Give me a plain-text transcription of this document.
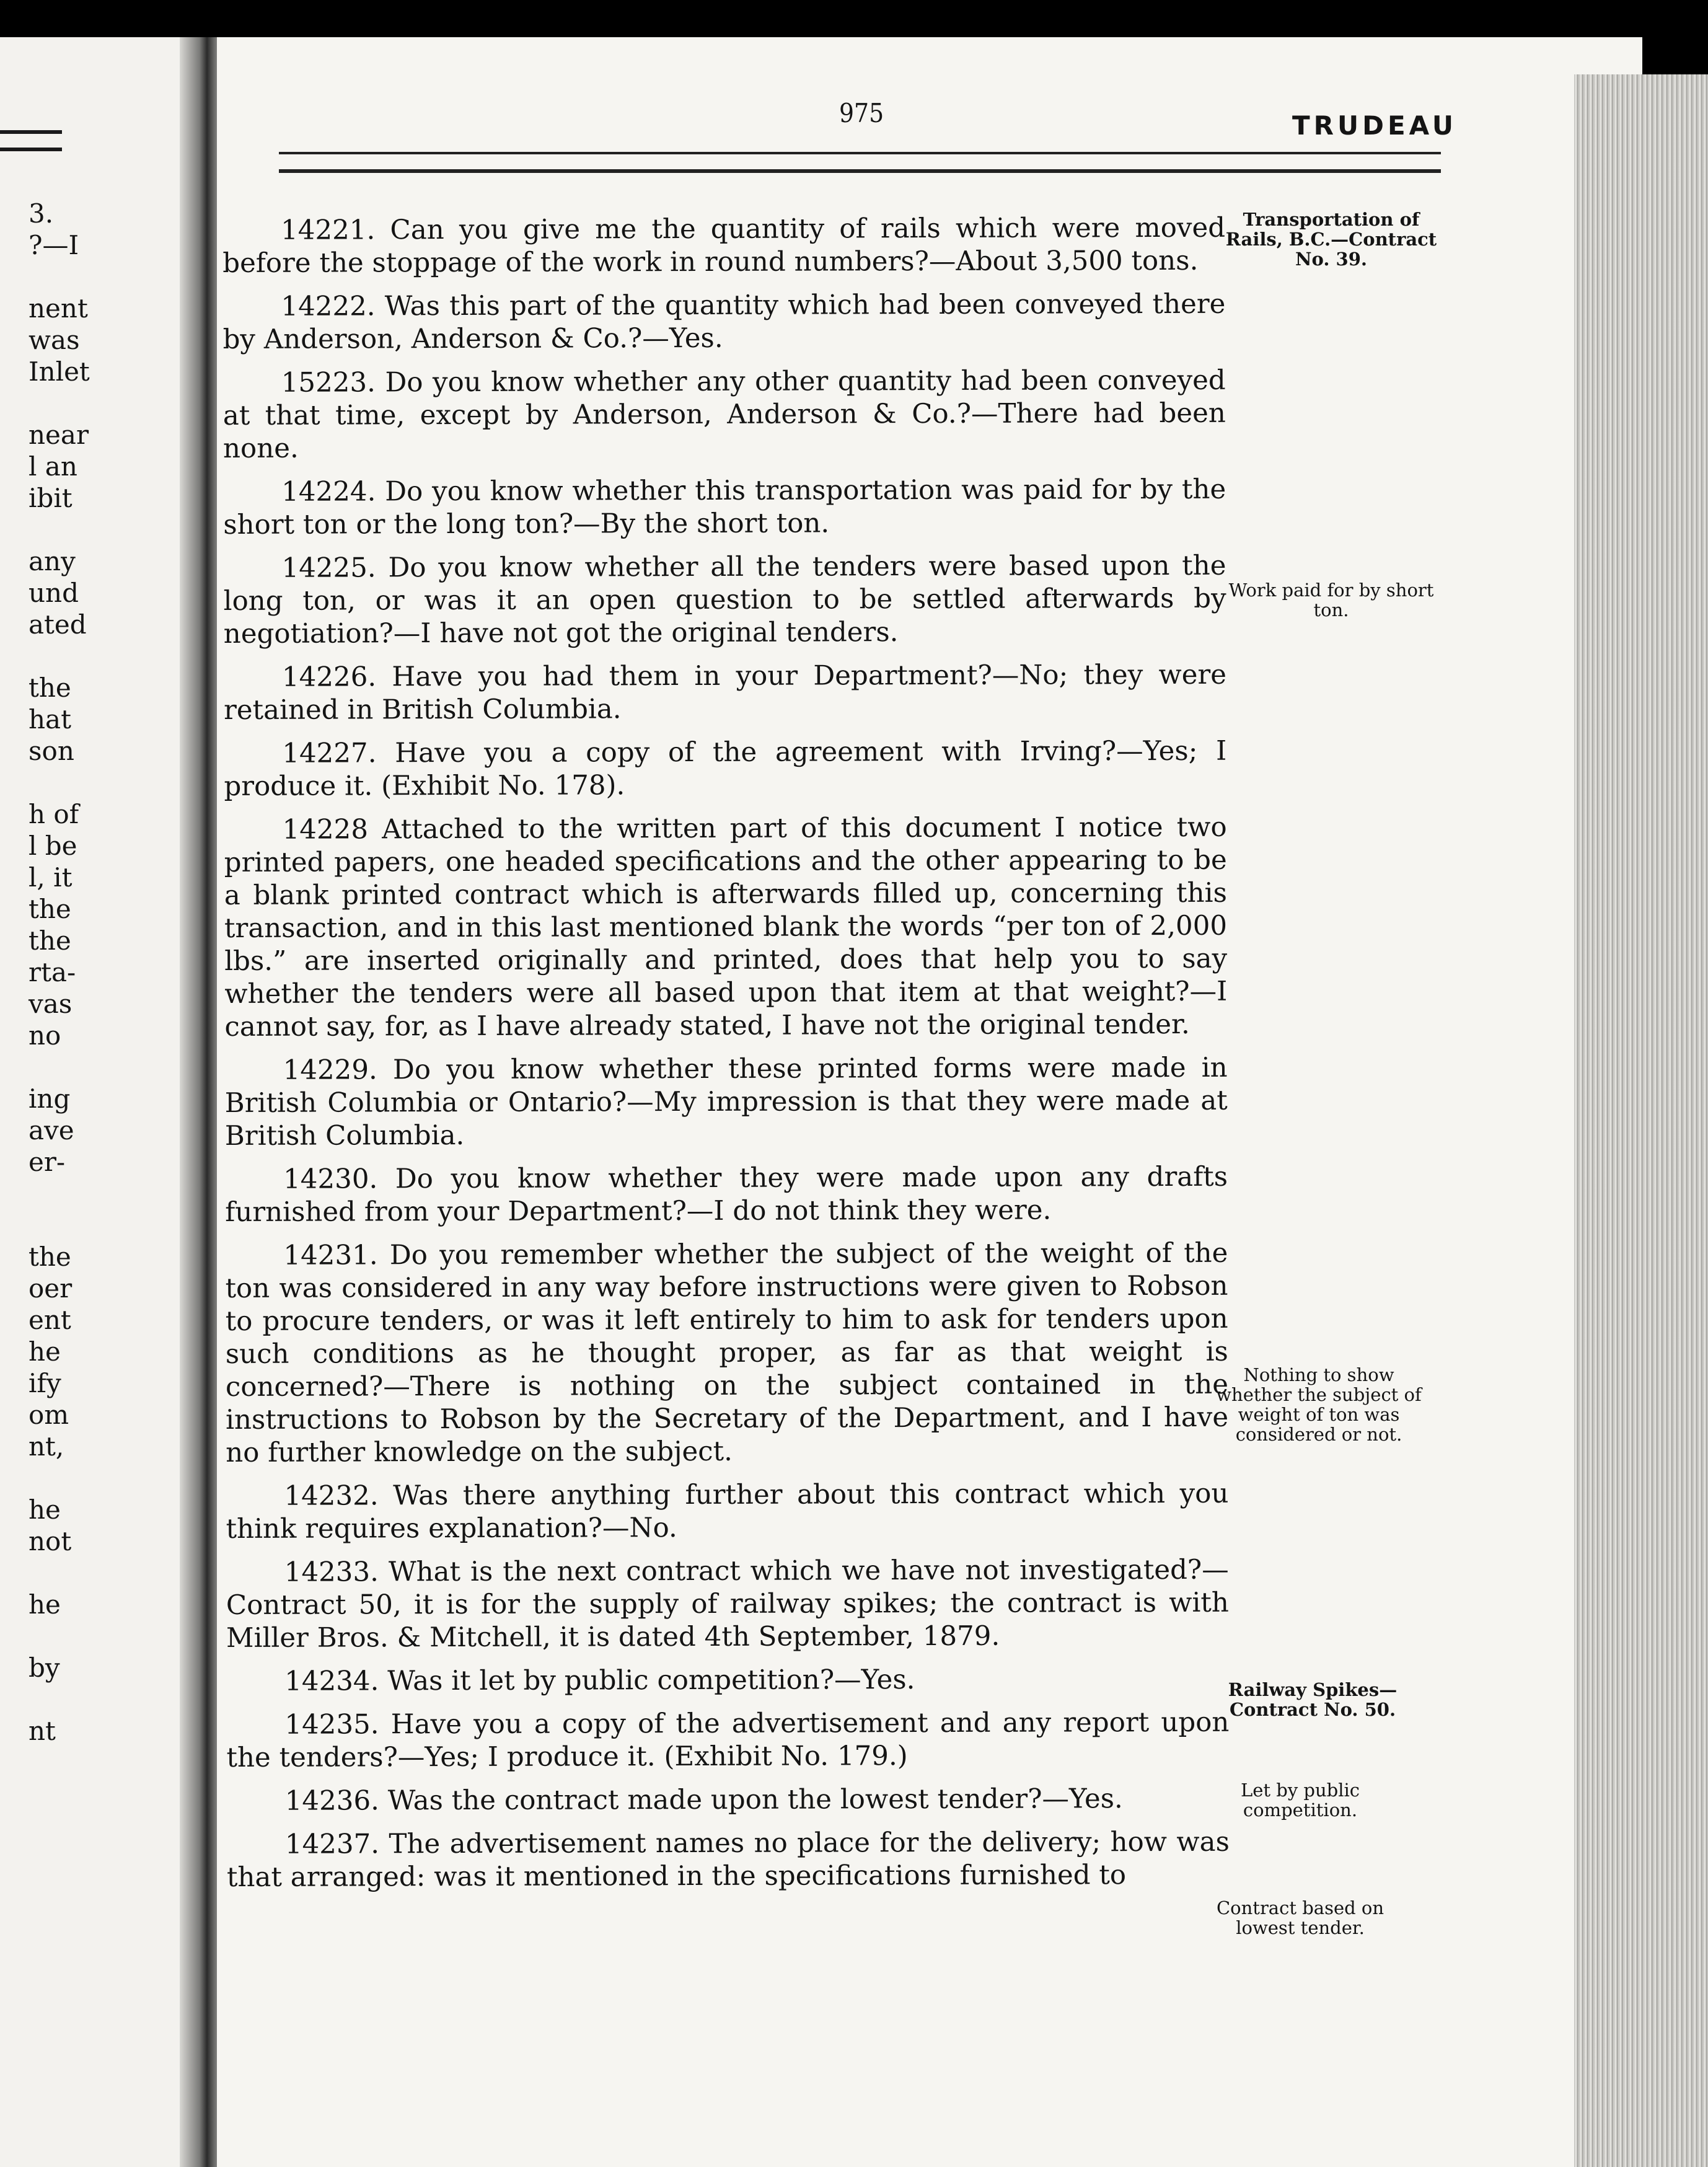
3.
?—I
nent
was
Inlet
near
l an
ibit
any
und
ated
the
hat
son
h of
l be
l, it
the
the
rta-
vas
no
ing
ave
er-
the
oer
ent
he
ify
om
nt,
he
not
he
by
nt
975	TRUDEAU

14221. Can you give me the quantity of rails which were moved before the stoppage of the work in round numbers?—About 3,500 tons.

14222. Was this part of the quantity which had been conveyed there by Anderson, Anderson & Co.?—Yes.

15223. Do you know whether any other quantity had been conveyed at that time, except by Anderson, Anderson & Co.?—There had been none.

14224. Do you know whether this transportation was paid for by the short ton or the long ton?—By the short ton.

14225. Do you know whether all the tenders were based upon the long ton, or was it an open question to be settled afterwards by negotiation?—I have not got the original tenders.

14226. Have you had them in your Department?—No; they were retained in British Columbia.

14227. Have you a copy of the agreement with Irving?—Yes; I produce it. (Exhibit No. 178).

14228 Attached to the written part of this document I notice two printed papers, one headed specifications and the other appearing to be a blank printed contract which is afterwards filled up, concerning this transaction, and in this last mentioned blank the words “per ton of 2,000 lbs.” are inserted originally and printed, does that help you to say whether the tenders were all based upon that item at that weight?—I cannot say, for, as I have already stated, I have not the original tender.

14229. Do you know whether these printed forms were made in British Columbia or Ontario?—My impression is that they were made at British Columbia.

14230. Do you know whether they were made upon any drafts furnished from your Department?—I do not think they were.

14231. Do you remember whether the subject of the weight of the ton was considered in any way before instructions were given to Robson to procure tenders, or was it left entirely to him to ask for tenders upon such conditions as he thought proper, as far as that weight is concerned?—There is nothing on the subject contained in the instructions to Robson by the Secretary of the Department, and I have no further knowledge on the subject.

14232. Was there anything further about this contract which you think requires explanation?—No.

14233. What is the next contract which we have not investigated?—Contract 50, it is for the supply of railway spikes; the contract is with Miller Bros. & Mitchell, it is dated 4th September, 1879.

14234. Was it let by public competition?—Yes.

14235. Have you a copy of the advertisement and any report upon the tenders?—Yes; I produce it. (Exhibit No. 179.)

14236. Was the contract made upon the lowest tender?—Yes.

14237. The advertisement names no place for the delivery; how was that arranged: was it mentioned in the specifications furnished to

Transportation of Rails, B.C.—Contract No. 39.
Work paid for by short ton.
Nothing to show whether the subject of weight of ton was considered or not.
Railway Spikes—Contract No. 50.
Let by public competition.
Contract based on lowest tender.
